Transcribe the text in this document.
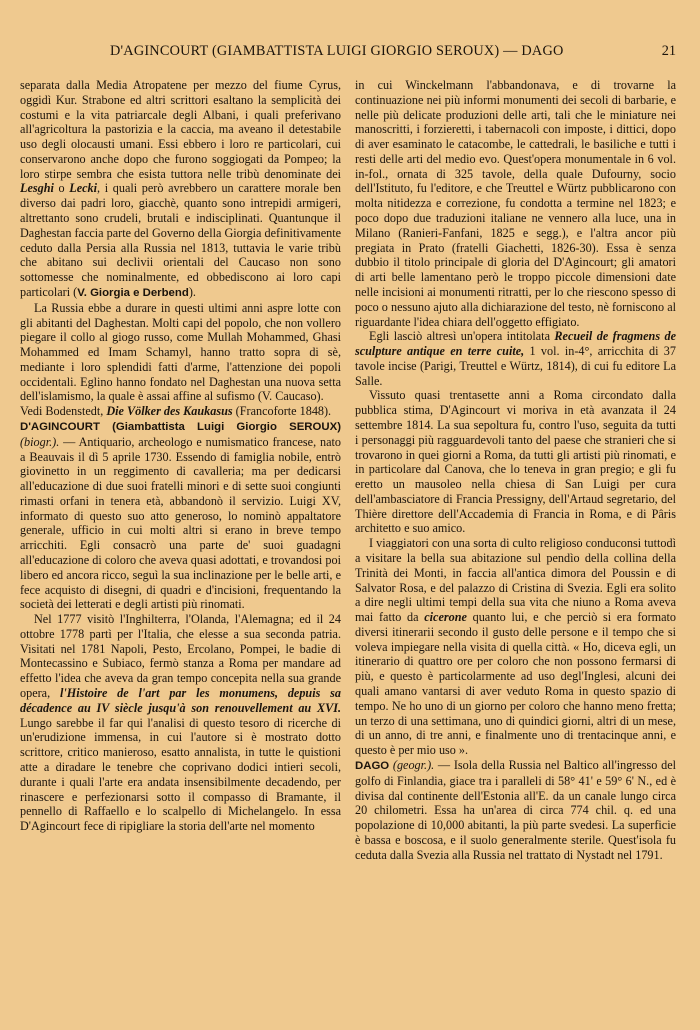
D'AGINCOURT (GIAMBATTISTA LUIGI GIORGIO SEROUX) — DAGO	21

separata dalla Media Atropatene per mezzo del fiume Cyrus, oggidì Kur. Strabone ed altri scrittori esaltano la semplicità dei costumi e la vita patriarcale degli Albani, i quali preferivano all'agricoltura la pastorizia e la caccia, ma aveano il detestabile uso degli olocausti umani. Essi ebbero i loro re particolari, cui conservarono anche dopo che furono soggiogati da Pompeo; la loro stirpe sembra che esista tuttora nelle tribù denominate dei Lesghi o Lecki, i quali però avrebbero un carattere morale ben diverso dai padri loro, giacchè, quanto sono intrepidi armigeri, altrettanto sono crudeli, brutali e indisciplinati. Quantunque il Daghestan faccia parte del Governo della Giorgia definitivamente ceduto dalla Persia alla Russia nel 1813, tuttavia le varie tribù che abitano sui declivii orientali del Caucaso non sono sottomesse che nominalmente, ed obbediscono ai loro capi particolari (V. Giorgia e Derbend).

La Russia ebbe a durare in questi ultimi anni aspre lotte con gli abitanti del Daghestan. Molti capi del popolo, che non vollero piegare il collo al giogo russo, come Mullah Mohammed, Ghasi Mohammed ed Imam Schamyl, hanno tratto sopra di sè, mediante i loro splendidi fatti d'arme, l'attenzione dei popoli occidentali. Eglino hanno fondato nel Daghestan una nuova setta dell'islamismo, la quale è assai affine al sufismo (V. Caucaso).

Vedi Bodenstedt, Die Völker des Kaukasus (Francoforte 1848).

D'AGINCOURT (Giambattista Luigi Giorgio SEROUX) (biogr.). — Antiquario, archeologo e numismatico francese, nato a Beauvais il dì 5 aprile 1730. Essendo di famiglia nobile, entrò giovinetto in un reggimento di cavalleria; ma per dedicarsi all'educazione di due suoi fratelli minori e di sette suoi congiunti rimasti orfani in tenera età, abbandonò il servizio. Luigi XV, informato di questo suo atto generoso, lo nominò appaltatore generale, ufficio in cui molti altri si erano in breve tempo arricchiti. Egli consacrò una parte de' suoi guadagni all'educazione di coloro che aveva quasi adottati, e trovandosi poi libero ed ancora ricco, seguì la sua inclinazione per le belle arti, e fece acquisto di disegni, di quadri e d'incisioni, frequentando la società dei letterati e degli artisti più rinomati.

Nel 1777 visitò l'Inghilterra, l'Olanda, l'Alemagna; ed il 24 ottobre 1778 partì per l'Italia, che elesse a sua seconda patria. Visitati nel 1781 Napoli, Pesto, Ercolano, Pompei, le badie di Montecassino e Subiaco, fermò stanza a Roma per mandare ad effetto l'idea che aveva da gran tempo concepita nella sua grande opera, l'Histoire de l'art par les monumens, depuis sa décadence au IV siècle jusqu'à son renouvellement au XVI. Lungo sarebbe il far qui l'analisi di questo tesoro di ricerche di un'erudizione immensa, in cui l'autore si è mostrato dotto scrittore, critico manieroso, esatto annalista, in tutte le quistioni atte a diradare le tenebre che coprivano dodici intieri secoli, durante i quali l'arte era andata insensibilmente decadendo, per rinascere e perfezionarsi sotto il compasso di Bramante, il pennello di Raffaello e lo scalpello di Michelangelo. In essa D'Agincourt fece di ripigliare la storia dell'arte nel momento

in cui Winckelmann l'abbandonava, e di trovarne la continuazione nei più informi monumenti dei secoli di barbarie, e nelle più delicate produzioni delle arti, tali che le miniature nei manoscritti, i forzieretti, i tabernacoli con imposte, i dittici, dopo di aver esaminato le catacombe, le cattedrali, le basiliche e tutti i resti delle arti del medio evo. Quest'opera monumentale in 6 vol. in-fol., ornata di 325 tavole, della quale Dufourny, socio dell'Istituto, fu l'editore, e che Treuttel e Würtz pubblicarono con molta nitidezza e correzione, fu condotta a termine nel 1823; e poco dopo due traduzioni italiane ne vennero alla luce, una in Milano (Ranieri-Fanfani, 1825 e segg.), e l'altra ancor più pregiata in Prato (fratelli Giachetti, 1826-30). Essa è senza dubbio il titolo principale di gloria del D'Agincourt; gli amatori di arti belle lamentano però le troppo piccole dimensioni date nelle incisioni ai monumenti ritratti, per lo che riescono spesso di poco o nessuno ajuto alla dichiarazione del testo, nè forniscono al riguardante l'idea chiara dell'oggetto effigiato.

Egli lasciò altresì un'opera intitolata Recueil de fragmens de sculpture antique en terre cuite, 1 vol. in-4°, arricchita di 37 tavole incise (Parigi, Treuttel e Würtz, 1814), di cui fu editore La Salle.

Vissuto quasi trentasette anni a Roma circondato dalla pubblica stima, D'Agincourt vi moriva in età avanzata il 24 settembre 1814. La sua sepoltura fu, contro l'uso, seguita da tutti i personaggi più ragguardevoli tanto del paese che stranieri che si trovarono in quei giorni a Roma, da tutti gli artisti più rinomati, e in particolare dal Canova, che lo teneva in gran pregio; e gli fu eretto un mausoleo nella chiesa di San Luigi per cura dell'ambasciatore di Francia Pressigny, dell'Artaud segretario, del Thière direttore dell'Accademia di Francia in Roma, e di Pâris architetto e suo amico.

I viaggiatori con una sorta di culto religioso conduconsi tuttodì a visitare la bella sua abitazione sul pendìo della collina della Trinità dei Monti, in faccia all'antica dimora del Poussin e di Salvator Rosa, e del palazzo di Cristina di Svezia. Egli era solito a dire negli ultimi tempi della sua vita che niuno a Roma aveva mai fatto da cicerone quanto lui, e che perciò si era formato diversi itinerarii secondo il gusto delle persone e il tempo che si voleva impiegare nella visita di quella città. « Ho, diceva egli, un itinerario di quattro ore per coloro che non possono fermarsi di più, e questo è particolarmente ad uso degl'Inglesi, alcuni dei quali amano vantarsi di aver veduto Roma in questo spazio di tempo. Ne ho uno di un giorno per coloro che hanno meno fretta; un terzo di una settimana, uno di quindici giorni, altri di un mese, di un anno, di tre anni, e finalmente uno di trentacinque anni, e questo è per mio uso ».

DAGO (geogr.). — Isola della Russia nel Baltico all'ingresso del golfo di Finlandia, giace tra i paralleli di 58° 41' e 59° 6' N., ed è divisa dal continente dell'Estonia all'E. da un canale lungo circa 20 chilometri. Essa ha un'area di circa 774 chil. q. ed una popolazione di 10,000 abitanti, la più parte svedesi. La superficie è bassa e boscosa, e il suolo generalmente sterile. Quest'isola fu ceduta dalla Svezia alla Russia nel trattato di Nystadt nel 1791.
